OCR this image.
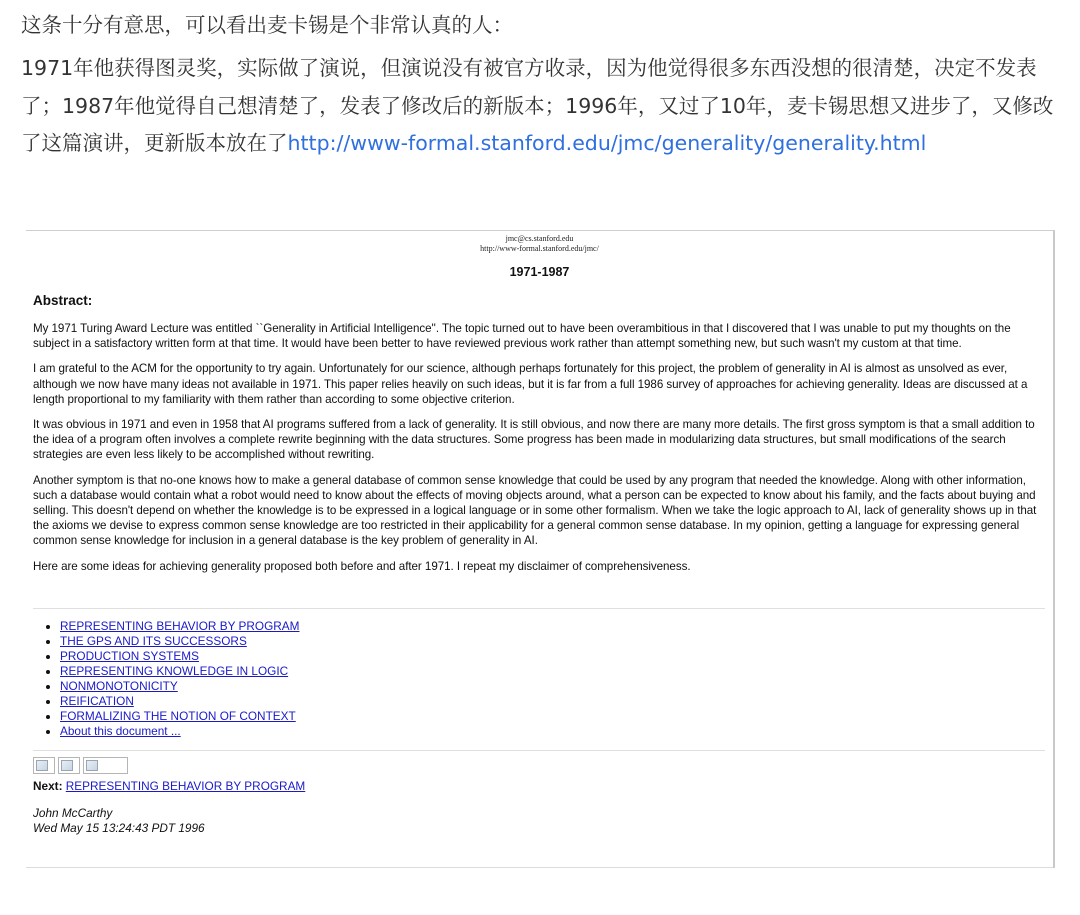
这条十分有意思，可以看出麦卡锡是个非常认真的人：

1971年他获得图灵奖，实际做了演说，但演说没有被官方收录，因为他觉得很多东西没想的很清楚，决定不发表了；1987年他觉得自己想清楚了，发表了修改后的新版本；1996年，又过了10年，麦卡锡思想又进步了，又修改了这篇演讲，更新版本放在了http://www-formal.stanford.edu/jmc/generality/generality.html

jmc@cs.stanford.edu
http://www-formal.stanford.edu/jmc/
1971-1987
Abstract:

My 1971 Turing Award Lecture was entitled ``Generality in Artificial Intelligence''. The topic turned out to have been overambitious in that I discovered that I was unable to put my thoughts on the subject in a satisfactory written form at that time. It would have been better to have reviewed previous work rather than attempt something new, but such wasn't my custom at that time.

I am grateful to the ACM for the opportunity to try again. Unfortunately for our science, although perhaps fortunately for this project, the problem of generality in AI is almost as unsolved as ever, although we now have many ideas not available in 1971. This paper relies heavily on such ideas, but it is far from a full 1986 survey of approaches for achieving generality. Ideas are discussed at a length proportional to my familiarity with them rather than according to some objective criterion.

It was obvious in 1971 and even in 1958 that AI programs suffered from a lack of generality. It is still obvious, and now there are many more details. The first gross symptom is that a small addition to the idea of a program often involves a complete rewrite beginning with the data structures. Some progress has been made in modularizing data structures, but small modifications of the search strategies are even less likely to be accomplished without rewriting.

Another symptom is that no-one knows how to make a general database of common sense knowledge that could be used by any program that needed the knowledge. Along with other information, such a database would contain what a robot would need to know about the effects of moving objects around, what a person can be expected to know about his family, and the facts about buying and selling. This doesn't depend on whether the knowledge is to be expressed in a logical language or in some other formalism. When we take the logic approach to AI, lack of generality shows up in that the axioms we devise to express common sense knowledge are too restricted in their applicability for a general common sense database. In my opinion, getting a language for expressing general common sense knowledge for inclusion in a general database is the key problem of generality in AI.

Here are some ideas for achieving generality proposed both before and after 1971. I repeat my disclaimer of comprehensiveness.

• REPRESENTING BEHAVIOR BY PROGRAM
• THE GPS AND ITS SUCCESSORS
• PRODUCTION SYSTEMS
• REPRESENTING KNOWLEDGE IN LOGIC
• NONMONOTONICITY
• REIFICATION
• FORMALIZING THE NOTION OF CONTEXT
• About this document ...
Next: REPRESENTING BEHAVIOR BY PROGRAM
John McCarthy
Wed May 15 13:24:43 PDT 1996
